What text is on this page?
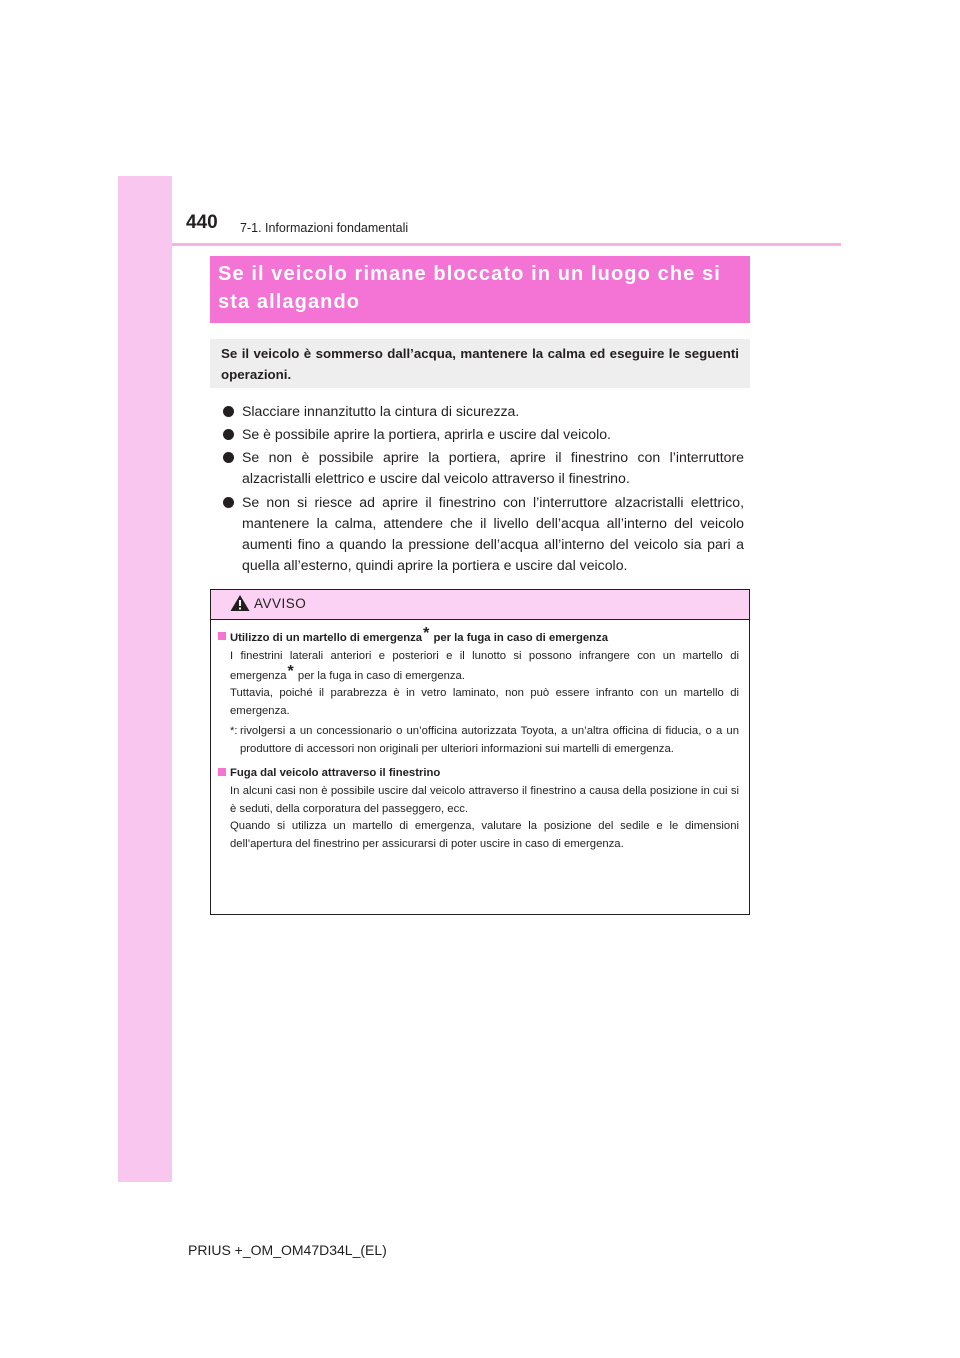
440 7-1. Informazioni fondamentali

Se il veicolo rimane bloccato in un luogo che si sta allagando

Se il veicolo è sommerso dall’acqua, mantenere la calma ed eseguire le seguenti operazioni.

Slacciare innanzitutto la cintura di sicurezza.
Se è possibile aprire la portiera, aprirla e uscire dal veicolo.
Se non è possibile aprire la portiera, aprire il finestrino con l’interruttore alzacristalli elettrico e uscire dal veicolo attraverso il finestrino.
Se non si riesce ad aprire il finestrino con l’interruttore alzacristalli elettrico, mantenere la calma, attendere che il livello dell’acqua all’interno del veicolo aumenti fino a quando la pressione dell’acqua all’interno del veicolo sia pari a quella all’esterno, quindi aprire la portiera e uscire dal veicolo.
AVVISO
Utilizzo di un martello di emergenza* per la fuga in caso di emergenza
I finestrini laterali anteriori e posteriori e il lunotto si possono infrangere con un martello di emergenza* per la fuga in caso di emergenza.
Tuttavia, poiché il parabrezza è in vetro laminato, non può essere infranto con un martello di emergenza.
*: rivolgersi a un concessionario o un’officina autorizzata Toyota, a un’altra officina di fiducia, o a un produttore di accessori non originali per ulteriori informazioni sui martelli di emergenza.
Fuga dal veicolo attraverso il finestrino
In alcuni casi non è possibile uscire dal veicolo attraverso il finestrino a causa della posizione in cui si è seduti, della corporatura del passeggero, ecc.
Quando si utilizza un martello di emergenza, valutare la posizione del sedile e le dimensioni dell’apertura del finestrino per assicurarsi di poter uscire in caso di emergenza.
PRIUS +_OM_OM47D34L_(EL)
